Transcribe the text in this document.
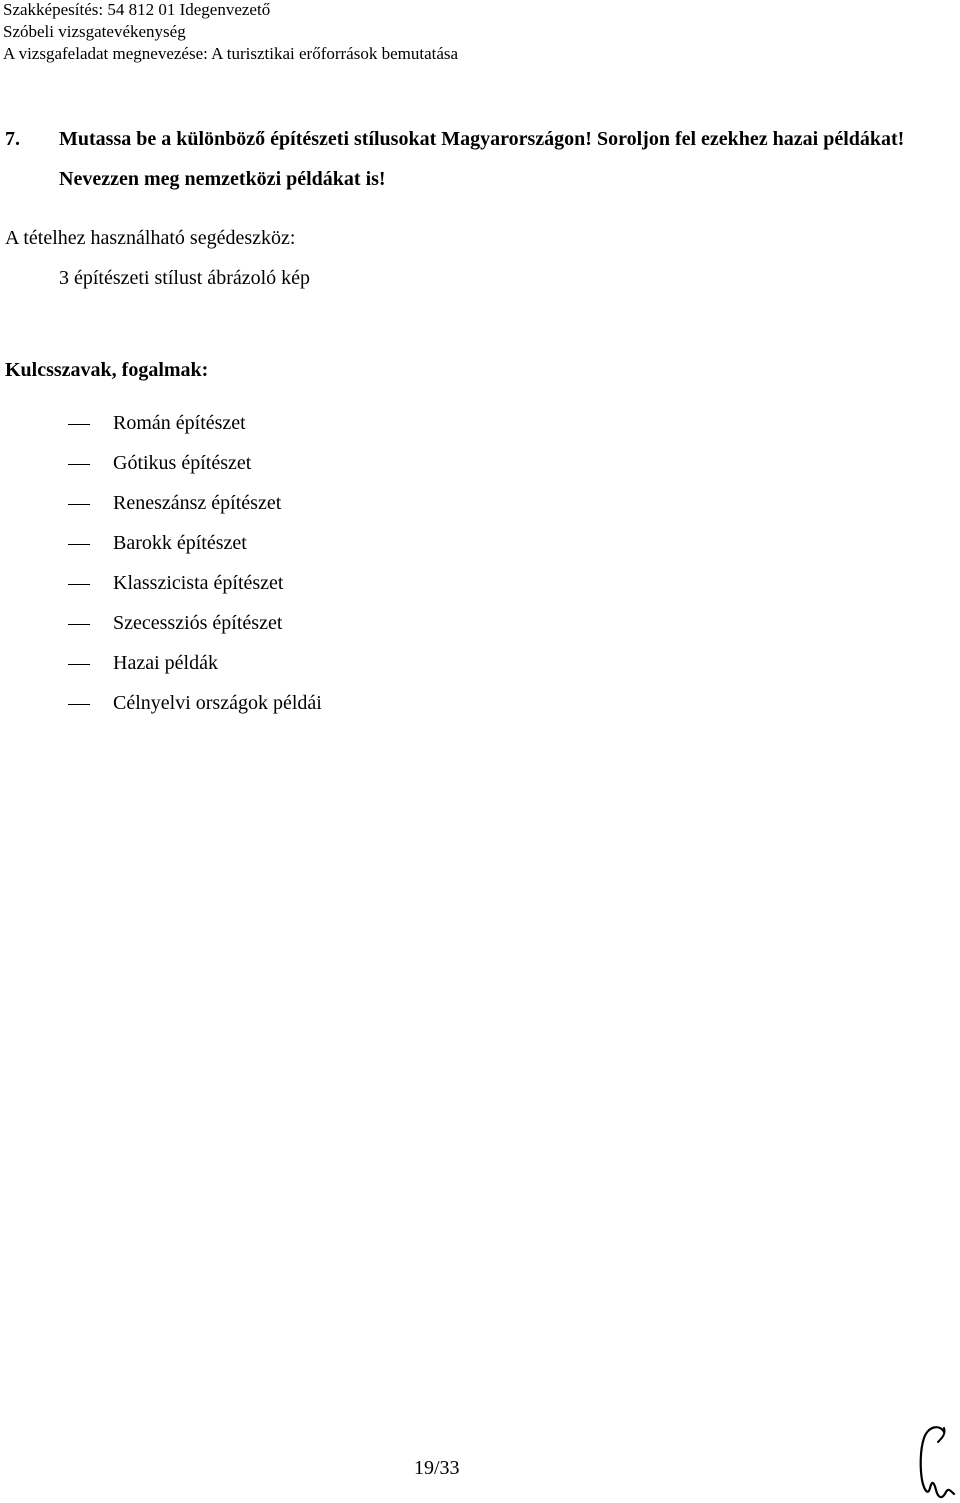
Szakképesítés: 54 812 01 Idegenvezető
Szóbeli vizsgatevékenység
A vizsgafeladat megnevezése: A turisztikai erőforrások bemutatása
7. Mutassa be a különböző építészeti stílusokat Magyarországon! Soroljon fel ezekhez hazai példákat! Nevezzen meg nemzetközi példákat is!
A tételhez használható segédeszköz:
3 építészeti stílust ábrázoló kép
Kulcsszavak, fogalmak:
Román építészet
Gótikus építészet
Reneszánsz építészet
Barokk építészet
Klasszicista építészet
Szecessziós építészet
Hazai példák
Célnyelvi országok példái
19/33
